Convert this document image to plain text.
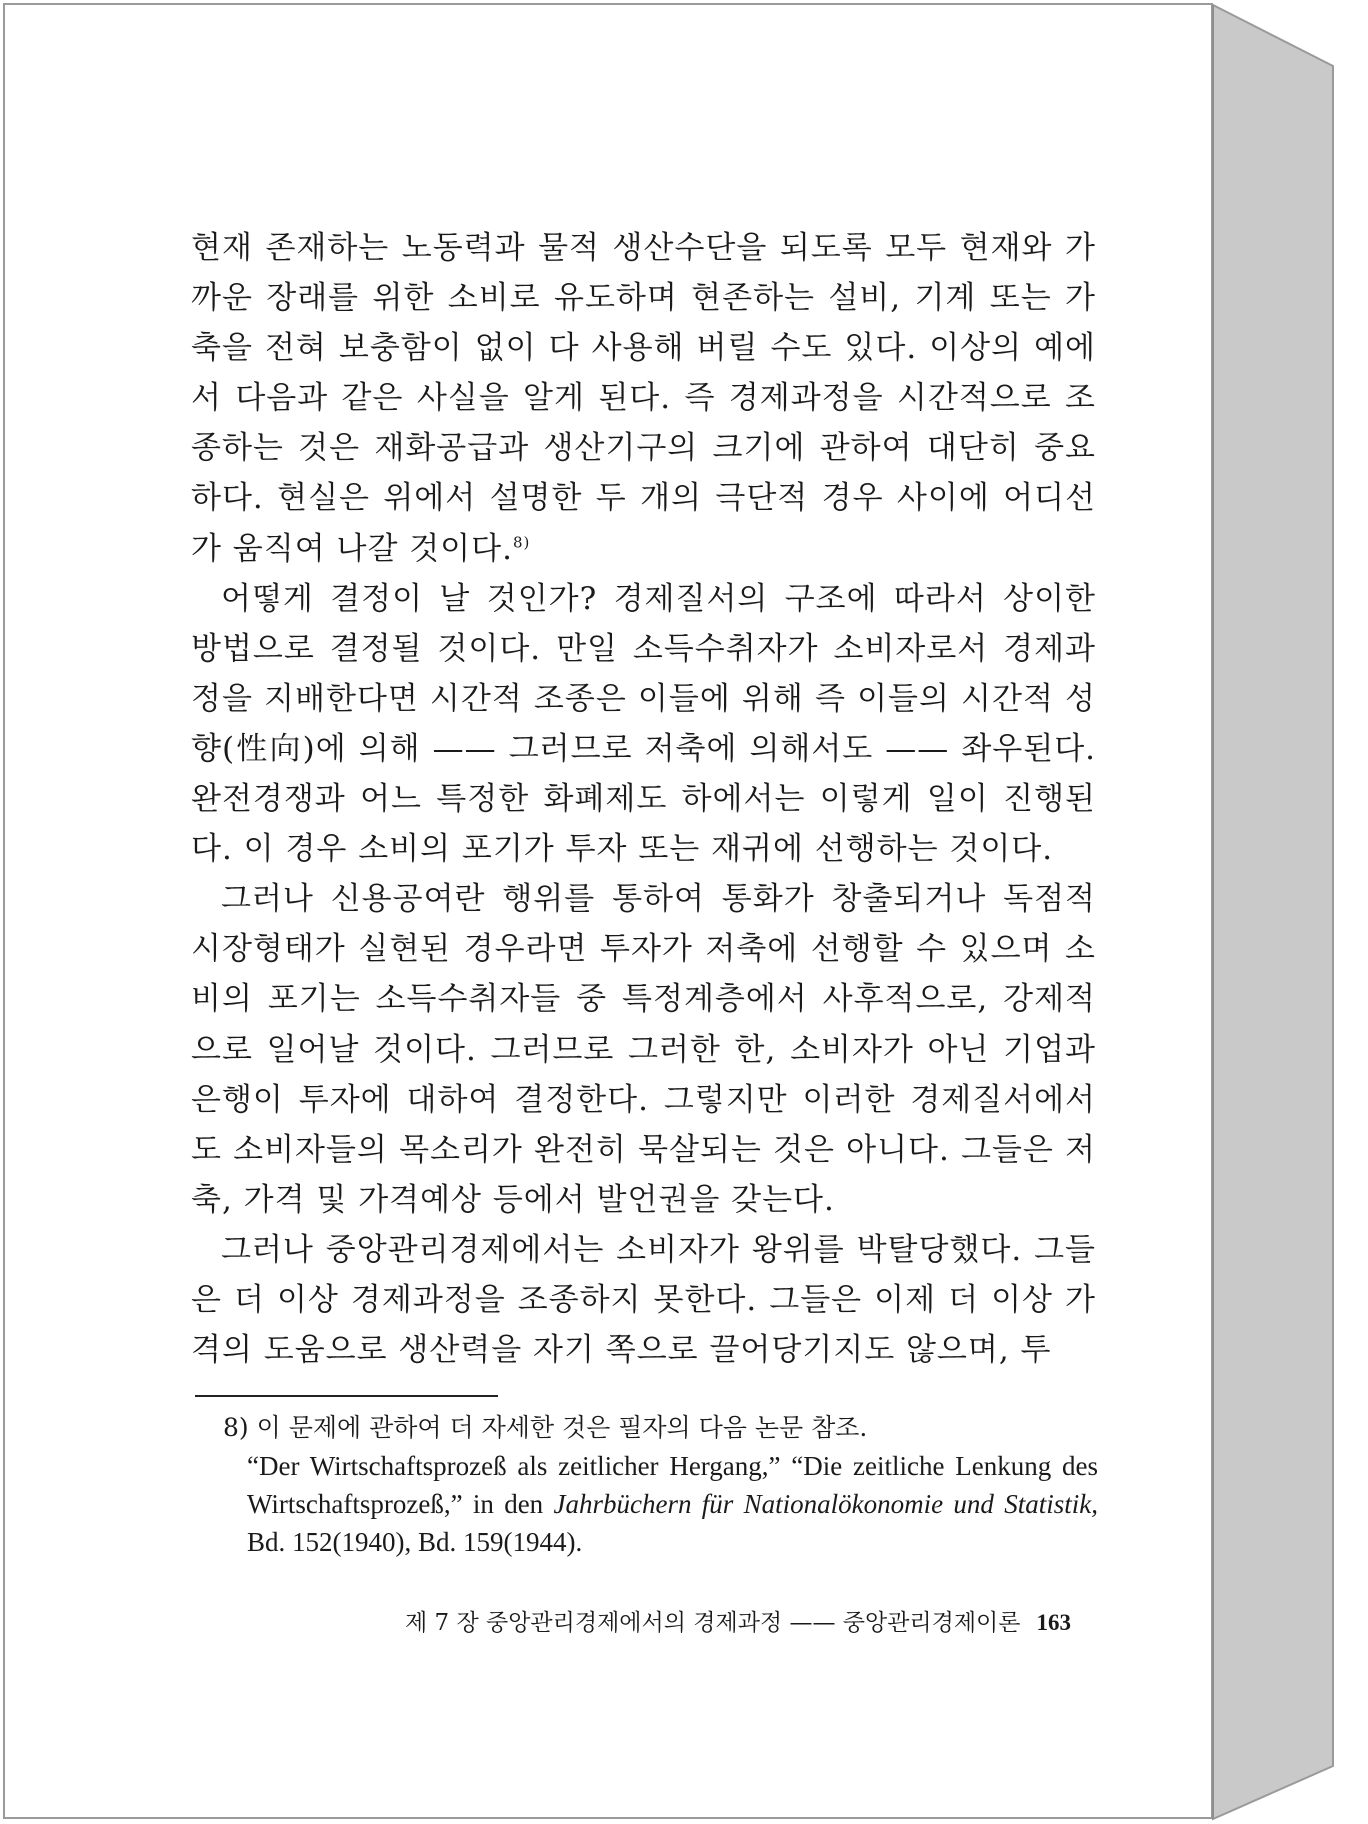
현재 존재하는 노동력과 물적 생산수단을 되도록 모두 현재와 가까운 장래를 위한 소비로 유도하며 현존하는 설비, 기계 또는 가축을 전혀 보충함이 없이 다 사용해 버릴 수도 있다. 이상의 예에서 다음과 같은 사실을 알게 된다. 즉 경제과정을 시간적으로 조종하는 것은 재화공급과 생산기구의 크기에 관하여 대단히 중요하다. 현실은 위에서 설명한 두 개의 극단적 경우 사이에 어디선가 움직여 나갈 것이다.$^{8)}$

어떻게 결정이 날 것인가? 경제질서의 구조에 따라서 상이한 방법으로 결정될 것이다. 만일 소득수취자가 소비자로서 경제과정을 지배한다면 시간적 조종은 이들에 위해 즉 이들의 시간적 성향(性向)에 의해 —— 그러므로 저축에 의해서도 —— 좌우된다. 완전경쟁과 어느 특정한 화폐제도 하에서는 이렇게 일이 진행된다. 이 경우 소비의 포기가 투자 또는 재귀에 선행하는 것이다.

그러나 신용공여란 행위를 통하여 통화가 창출되거나 독점적 시장형태가 실현된 경우라면 투자가 저축에 선행할 수 있으며 소비의 포기는 소득수취자들 중 특정계층에서 사후적으로, 강제적으로 일어날 것이다. 그러므로 그러한 한, 소비자가 아닌 기업과 은행이 투자에 대하여 결정한다. 그렇지만 이러한 경제질서에서도 소비자들의 목소리가 완전히 묵살되는 것은 아니다. 그들은 저축, 가격 및 가격예상 등에서 발언권을 갖는다.

그러나 중앙관리경제에서는 소비자가 왕위를 박탈당했다. 그들은 더 이상 경제과정을 조종하지 못한다. 그들은 이제 더 이상 가격의 도움으로 생산력을 자기 쪽으로 끌어당기지도 않으며, 투

8) 이 문제에 관하여 더 자세한 것은 필자의 다음 논문 참조.

“Der Wirtschaftsprozeß als zeitlicher Hergang,” “Die zeitliche Lenkung des Wirtschaftsprozeß,” in den Jahrbüchern für Nationalökonomie und Statistik, Bd. 152(1940), Bd. 159(1944).

제 7 장 중앙관리경제에서의 경제과정 —— 중앙관리경제이론 163
